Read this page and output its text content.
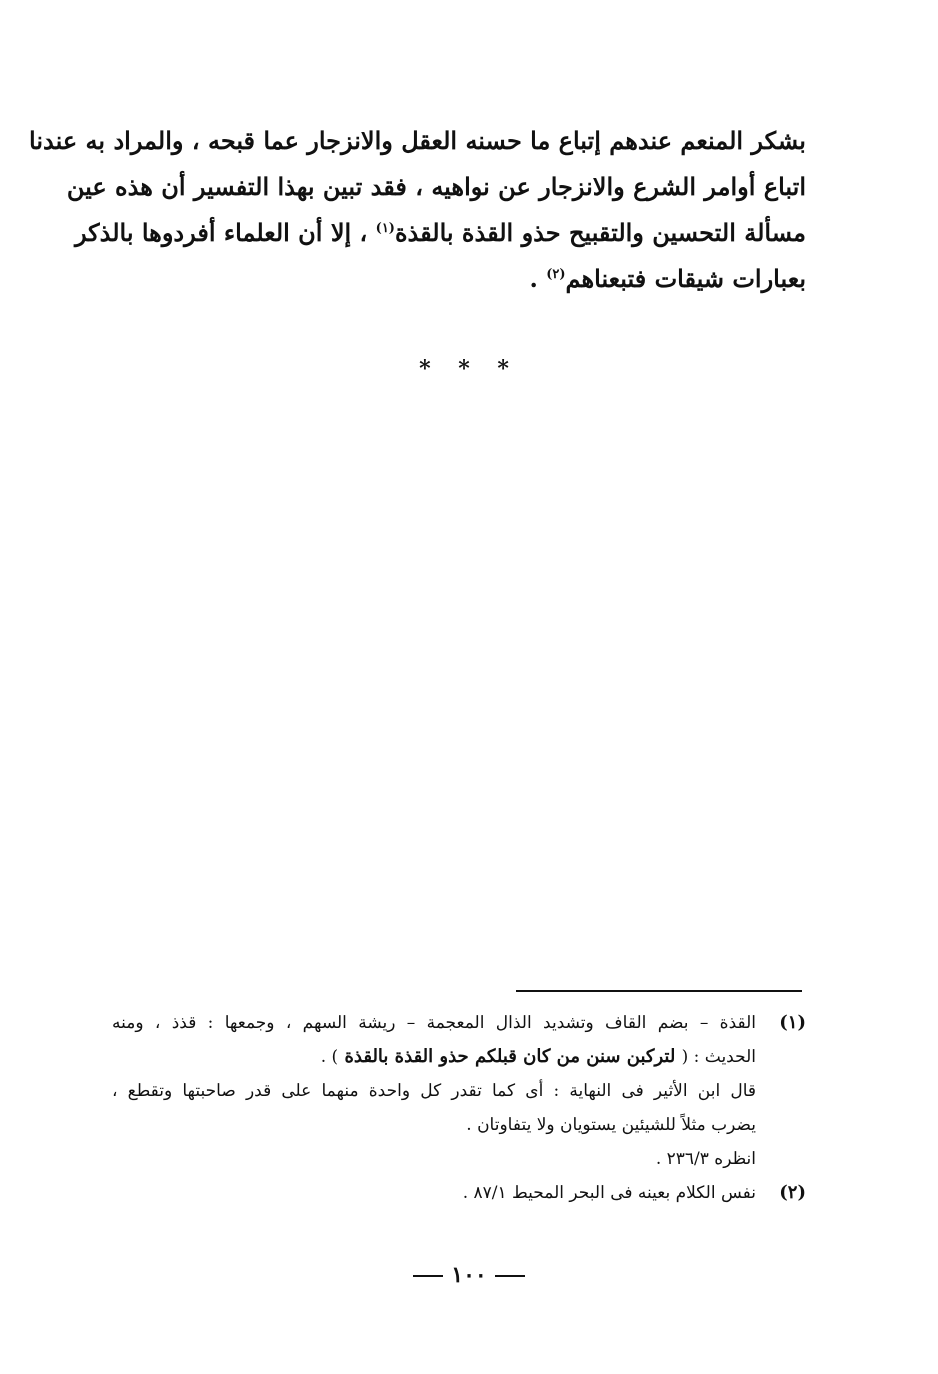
بشكر المنعم عندهم إتباع ما حسنه العقل والانزجار عما قبحه ، والمراد به عندنا
اتباع أوامر الشرع والانزجار عن نواهيه ، فقد تبين بهذا التفسير أن هذه عين
مسألة التحسين والتقبيح حذو القذة بالقذة$^{(١)}$ ، إلا أن العلماء أفردوها بالذكر
بعبارات شيقات فتبعناهم$^{(٢)}$ .
* * *
(١)
القذة – بضم القاف وتشديد الذال المعجمة – ريشة السهم ، وجمعها : قذذ ، ومنه
الحديث : ( لتركبن سنن من كان قبلكم حذو القذة بالقذة ) .
قال ابن الأثير فى النهاية : أى كما تقدر كل واحدة منهما على قدر صاحبتها وتقطع ،
يضرب مثلاً للشيئين يستويان ولا يتفاوتان .
انظره ٢٣٦/٣ .
(٢)
نفس الكلام بعينه فى البحر المحيط ٨٧/١ .
١٠٠
